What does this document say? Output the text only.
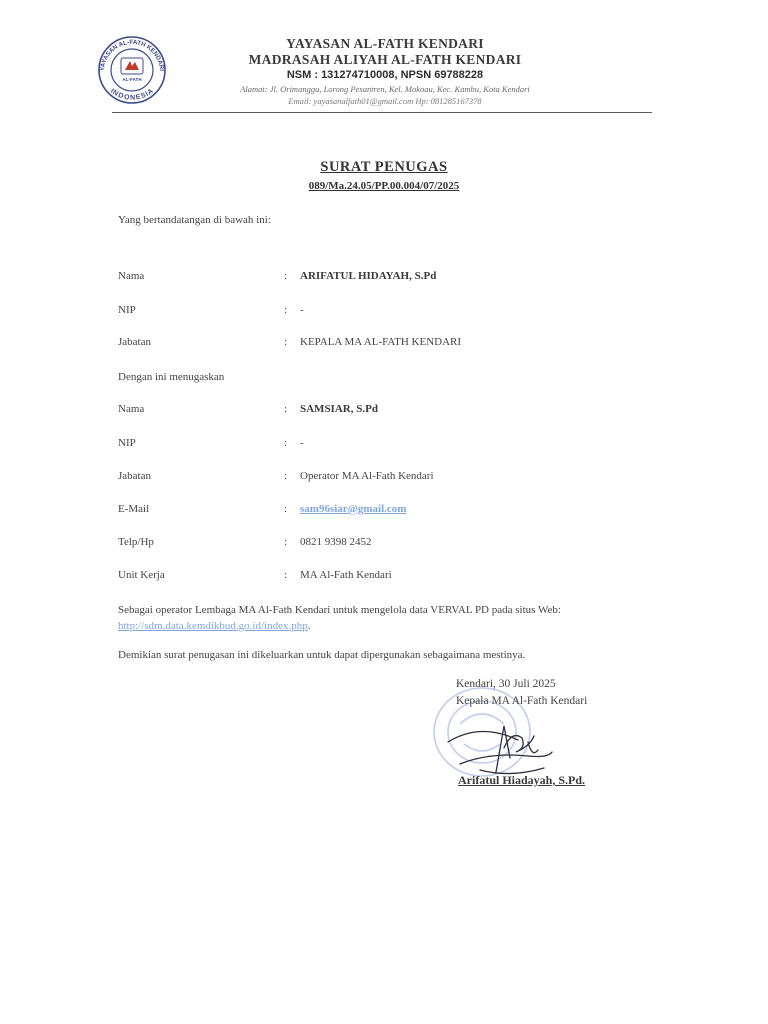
YAYASAN AL-FATH KENDARI
INDONESIA
AL-FATH
YAYASAN AL-FATH KENDARI
MADRASAH ALIYAH AL-FATH KENDARI
NSM : 131274710008, NPSN 69788228
Alamat: Jl. Orimanggu, Lorong Pesantren, Kel. Mokoau, Kec. Kambu, Kota Kendari
Email: yayasanalfath01@gmail.com Hp: 081285167378
SURAT PENUGAS
089/Ma.24.05/PP.00.004/07/2025
Yang bertandatangan di bawah ini:
Nama	: ARIFATUL HIDAYAH, S.Pd
NIP	: -
Jabatan	: KEPALA MA AL-FATH KENDARI
Dengan ini menugaskan
Nama	: SAMSIAR, S.Pd
NIP	: -
Jabatan	: Operator MA Al-Fath Kendari
E-Mail	: sam96siar@gmail.com
Telp/Hp	: 0821 9398 2452
Unit Kerja	: MA Al-Fath Kendari
Sebagai operator Lembaga MA Al-Fath Kendari untuk mengelola data VERVAL PD pada situs Web:
http://sdm.data.kemdikbud.go.id/index.php.
Demikian surat penugasan ini dikeluarkan untuk dapat dipergunakan sebagaimana mestinya.
Kendari, 30 Juli 2025
Kepala MA Al-Fath Kendari
Arifatul Hiadayah, S.Pd.
